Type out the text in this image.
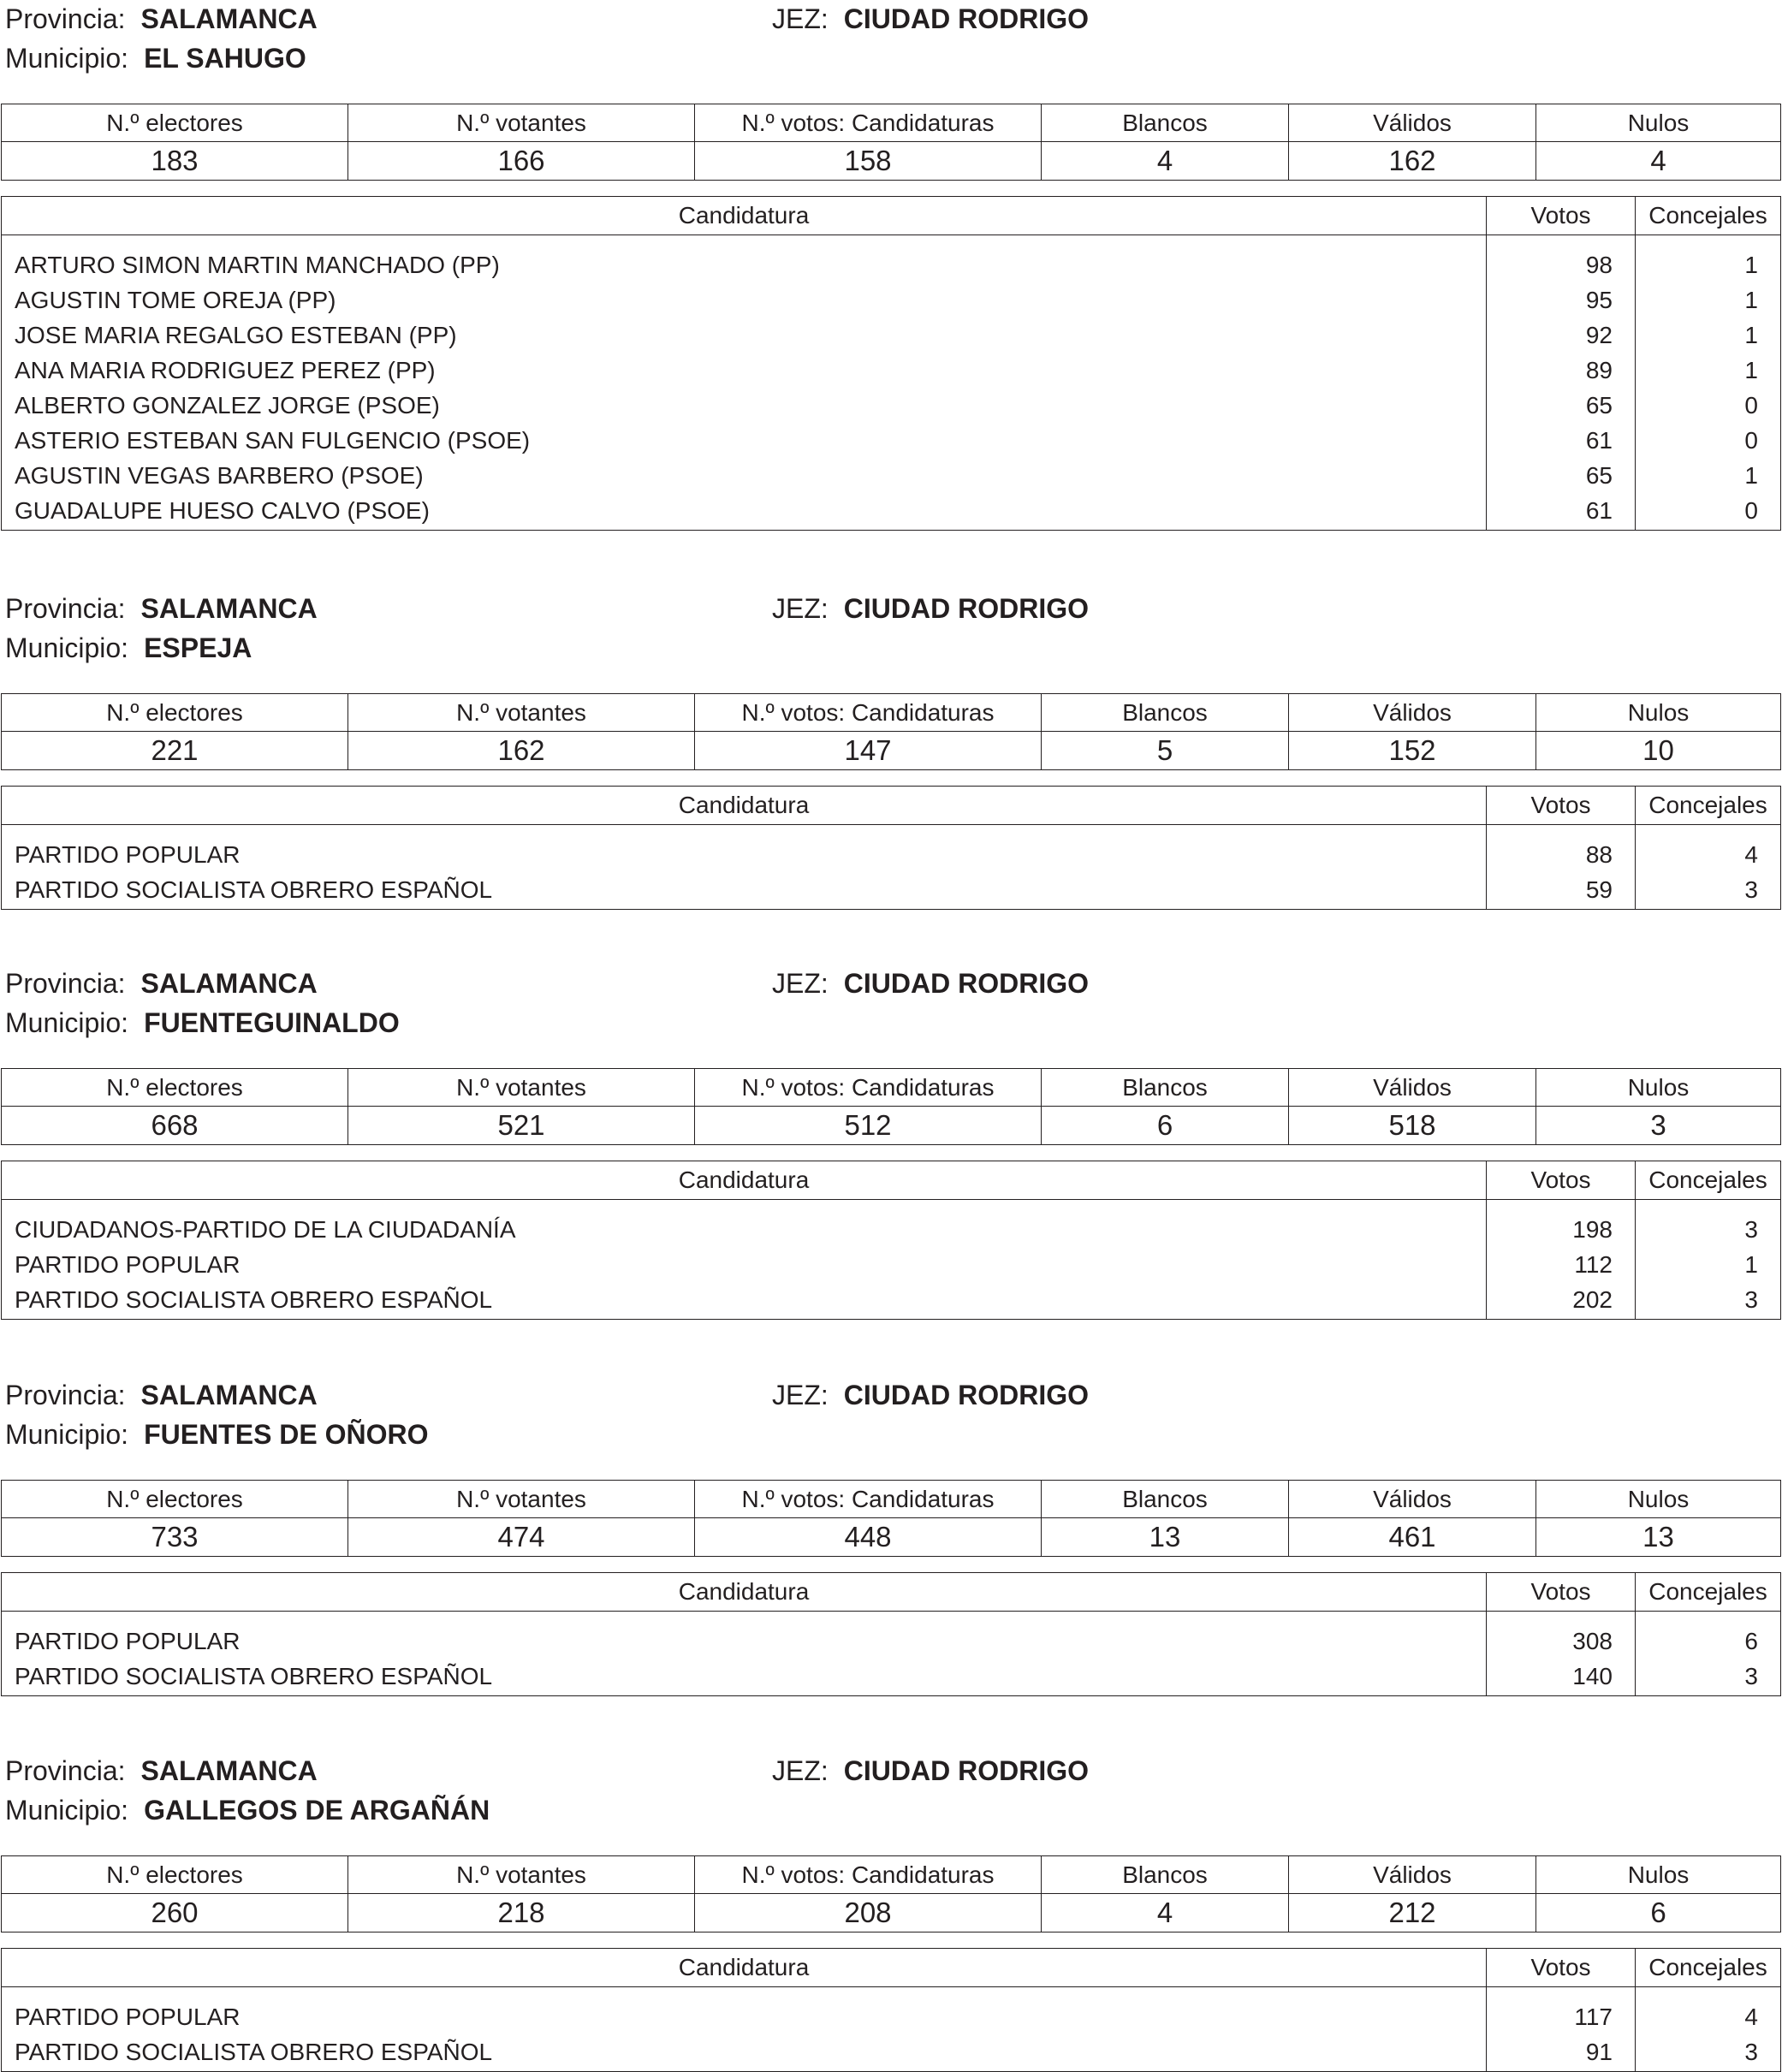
Provincia: SALAMANCA	JEZ: CIUDAD RODRIGO
Municipio: EL SAHUGO
N.º electores	N.º votantes	N.º votos: Candidaturas	Blancos	Válidos	Nulos
183	166	158	4	162	4
Candidatura	Votos	Concejales
ARTURO SIMON MARTIN MANCHADO (PP)	98	1
AGUSTIN TOME OREJA (PP)	95	1
JOSE MARIA REGALGO ESTEBAN (PP)	92	1
ANA MARIA RODRIGUEZ PEREZ (PP)	89	1
ALBERTO GONZALEZ JORGE (PSOE)	65	0
ASTERIO ESTEBAN SAN FULGENCIO (PSOE)	61	0
AGUSTIN VEGAS BARBERO (PSOE)	65	1
GUADALUPE HUESO CALVO (PSOE)	61	0
Provincia: SALAMANCA	JEZ: CIUDAD RODRIGO
Municipio: ESPEJA
N.º electores	N.º votantes	N.º votos: Candidaturas	Blancos	Válidos	Nulos
221	162	147	5	152	10
Candidatura	Votos	Concejales
PARTIDO POPULAR	88	4
PARTIDO SOCIALISTA OBRERO ESPAÑOL	59	3
Provincia: SALAMANCA	JEZ: CIUDAD RODRIGO
Municipio: FUENTEGUINALDO
N.º electores	N.º votantes	N.º votos: Candidaturas	Blancos	Válidos	Nulos
668	521	512	6	518	3
Candidatura	Votos	Concejales
CIUDADANOS-PARTIDO DE LA CIUDADANÍA	198	3
PARTIDO POPULAR	112	1
PARTIDO SOCIALISTA OBRERO ESPAÑOL	202	3
Provincia: SALAMANCA	JEZ: CIUDAD RODRIGO
Municipio: FUENTES DE OÑORO
N.º electores	N.º votantes	N.º votos: Candidaturas	Blancos	Válidos	Nulos
733	474	448	13	461	13
Candidatura	Votos	Concejales
PARTIDO POPULAR	308	6
PARTIDO SOCIALISTA OBRERO ESPAÑOL	140	3
Provincia: SALAMANCA	JEZ: CIUDAD RODRIGO
Municipio: GALLEGOS DE ARGAÑÁN
N.º electores	N.º votantes	N.º votos: Candidaturas	Blancos	Válidos	Nulos
260	218	208	4	212	6
Candidatura	Votos	Concejales
PARTIDO POPULAR	117	4
PARTIDO SOCIALISTA OBRERO ESPAÑOL	91	3
